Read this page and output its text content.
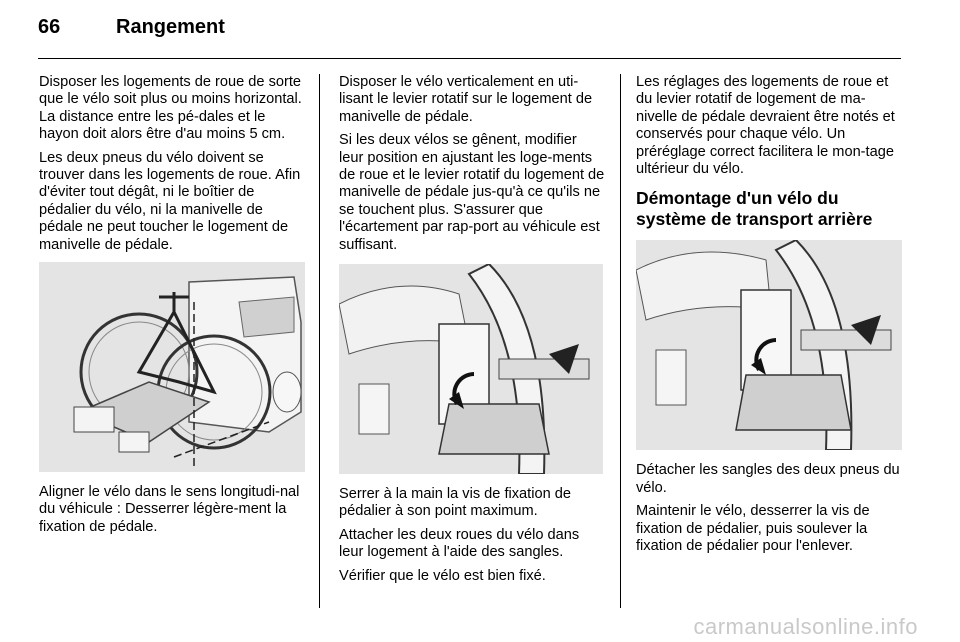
66	Rangement

Disposer les logements de roue de sorte que le vélo soit plus ou moins horizontal. La distance entre les pé-dales et le hayon doit alors être d'au moins 5 cm.

Les deux pneus du vélo doivent se trouver dans les logements de roue. Afin d'éviter tout dégât, ni le boîtier de pédalier du vélo, ni la manivelle de pédale ne peut toucher le logement de manivelle de pédale.

Aligner le vélo dans le sens longitudi-nal du véhicule : Desserrer légère-ment la fixation de pédale.

Disposer le vélo verticalement en uti-lisant le levier rotatif sur le logement de manivelle de pédale.

Si les deux vélos se gênent, modifier leur position en ajustant les loge-ments de roue et le levier rotatif du logement de manivelle de pédale jus-qu'à ce qu'ils ne se touchent plus. S'assurer que l'écartement par rap-port au véhicule est suffisant.

Serrer à la main la vis de fixation de pédalier à son point maximum.

Attacher les deux roues du vélo dans leur logement à l'aide des sangles.

Vérifier que le vélo est bien fixé.

Les réglages des logements de roue et du levier rotatif de logement de ma-nivelle de pédale devraient être notés et conservés pour chaque vélo. Un préréglage correct facilitera le mon-tage ultérieur du vélo.

Démontage d'un vélo du système de transport arrière

Détacher les sangles des deux pneus du vélo.

Maintenir le vélo, desserrer la vis de fixation de pédalier, puis soulever la fixation de pédalier pour l'enlever.

carmanualsonline.info
